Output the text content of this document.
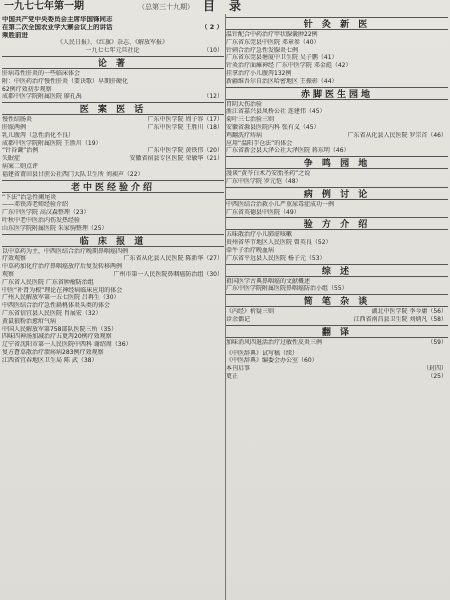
一九七七年第一期	（总第三十九期） 目录
中国共产党中央委员会主席华国锋同志
在第二次全国农业学大寨会议上的讲话	（ 2 ）
乘胜前进
《人民日报》、《红旗》杂志、《解放军报》
一九七七年元旦社论	（10）
论 著
肝病毒性肝炎的一些临床体会
附：中医药治疗慢性肝炎（要诀歌）早期肝硬化
62例疗效初步观察
成都中医学院附属医院 廖孔禹	（12）
医 案 医 话
慢性结肠炎	广东中医学院 周子容（17）
肝脓两例	广东中医学院 王胜川（18）
乳儿腹泻（急性消化不良）
成都中医学院附属医院 王胜川（19）
“针谷谶”治例	广东中医学院 黄铁伟（20）
失眠症	安徽省宿县专区医院 荣敏华（21）
病案二则点评
福建省莆田县甘蔗公社西门大队卫生所 刘昶声（22）
老中医经验介绍
“下法”治急性阑尾炎
——邓铁涛老师经验介绍
广东中医学院 高汉森整理（23）
叶秋中老中医治内伤发热经验
山东医学院附属医院 朱家驹整理（25）
临 床 报 道
以中草药为主，中西医结合治疗晚期鼻咽癌四例
疗效观察	广东省从化县人民医院 陈新华（27）
中草药加化疗治疗鼻咽癌放疗后复发转移两例
观察	广州市第一人民医院鼻咽癌防治组（30）
广东省人民医院 广东省肿瘤防治组
中医“补肾为根”理论在神经病临床应用的体会
广州人民解放军第一五七医院 吕再生（30）
中西医结合治疗急性扁桃体炎头类的体会
广东省信宜县人民医院 肖展宏（32）
黄鼠狼粉治愈疳气病
中国人民解放军第758部队医院三所（35）
四味四神汤加减治疗五更泻20例疗效观察
辽宁省沈阳市第一人民医院中西科 谢绍周（36）
复方蒼草散治疗溃疡病283例疗效观察
江西省宜春地区卫生局 陈 武（38）
针 灸 新 医
温针配合中药治疗甲状腺囊肿22例
广东省东莞县中医院 邓章参（40）
针刺合治疗急性发腺炎七例
广东省东莞县塘厦中卫生院 吴子鹏（41）
针灸治疗面瘫神经 广东中医学院 邓金彪（42）
挂拿治疗小儿腹泻132例
新疆维吾尔自治区哈密地区 王振彰（44）
赤脚医生园地
胃阴大伤治验
浙江省嘉兴县凤桥公社 连建伟（45）
菊叶三七治验三则
安徽省滁县医院内科 张有义（45）
鸡翻洗疗痔病	广东省从化县人民医院 罗宗首（46）
应用“温阳芋仓法”的体会
广东省新会县大泽公社大泽医院 蒋东明（46）
争 鸣 园 地
漫谈“黄芩白术乃安胎圣药”之说
广东中医学院 罗元恺（48）
病 例 讨 论
中西医结合治救小儿严重尿毒症成功一例
广东省英德县中医院（49）
验 方 介 绍
五味散治疗小儿肺虚咳嗽
贵州省毕节地区人民医院 曾英良（52）
牵牛子治疗晚血病
广东省平远县人民医院 杨子元（53）
综 述
祖国医学古典鼻咽癌的文献概述
广东中医学院附属医院鼻咽癌防治小组（55）
简 笔 杂 谈
《内经》析疑三则	湖北中医学院 李今庸（56）
诊余偶记	江西省南昌县卫生院 刘炳凡（58）
翻 译
加味消风四退活治疗过敏性皮炎三例	（59）
《中医辞典》试写稿（续）
《中医辞典》编委会办公室（60）
本刊启事	（封四）
更正	（25）
